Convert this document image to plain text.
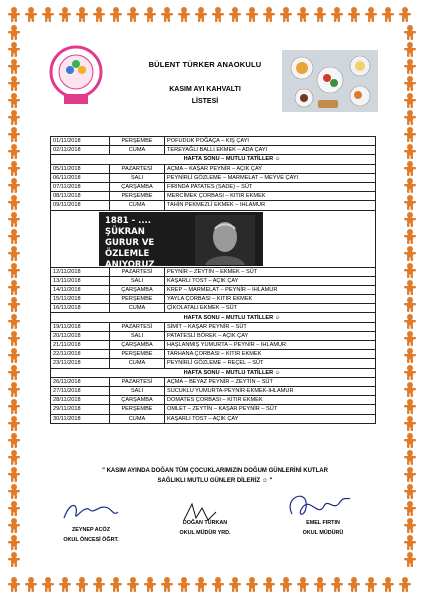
BÜLENT TÜRKER ANAOKULU
KASIM AYI KAHVALTI
LİSTESİ
01/11/2018	PERŞEMBE	POFUDUK POĞAÇA – KIŞ ÇAYI
02/11/2018	CUMA	TEREYAĞLI BALLI EKMEK – ADA ÇAYI
HAFTA SONU – MUTLU TATİLLER ☺		
05/11/2018	PAZARTESİ	AÇMA – KAŞAR PEYNİR – AÇIK ÇAY
06/11/2018	SALI	PEYNİRLİ GÖZLEME – MARMELAT – MEYVE ÇAYI
07/11/2018	ÇARŞAMBA	FIRINDA PATATES (SADE) – SÜT
08/11/2018	PERŞEMBE	MERCİMEK ÇORBASI – KITIR EKMEK
09/11/2018	CUMA	TAHİN PEKMEZLİ EKMEK – IHLAMUR

1881 - ....
ŞÜKRAN
GURUR VE
ÖZLEMLE
ANIYORUZ		

12/11/2018	PAZARTESİ	PEYNİR – ZEYTİN – EKMEK – SÜT
13/11/2018	SALI	KAŞARLI TOST – AÇIK ÇAY
14/11/2018	ÇARŞAMBA	KREP – MARMELAT – PEYNİR – IHLAMUR
15/11/2018	PERŞEMBE	YAYLA ÇORBASI – KITIR EKMEK
16/11/2018	CUMA	ÇİKOLATALI EKMEK – SÜT
HAFTA SONU – MUTLU TATİLLER ☺		
19/11/2018	PAZARTESİ	SİMİT – KAŞAR PEYNİR – SÜT
20/11/2018	SALI	PATATESLİ BÖREK – AÇIK ÇAY
21/11/2018	ÇARŞAMBA	HAŞLANMIŞ YUMURTA – PEYNİR – IHLAMUR
22/11/2018	PERŞEMBE	TARHANA ÇORBASI – KITIR EKMEK
23/11/2018	CUMA	PEYNİRLİ GÖZLEME – REÇEL – SÜT
HAFTA SONU – MUTLU TATİLLER ☺		
26/11/2018	PAZARTESİ	AÇMA – BEYAZ PEYNİR – ZEYTİN – SÜT
27/11/2018	SALI	SUCUKLU YUMURTA-PEYNİR-EKMEK-IHLAMUR
28/11/2018	ÇARŞAMBA	DOMATES ÇORBASI – KITIR EKMEK
29/11/2018	PERŞEMBE	OMLET – ZEYTİN – KAŞAR PEYNİR – SÜT
30/11/2018	CUMA	KAŞARLI TOST – AÇIK ÇAY
" KASIM AYINDA DOĞAN TÜM ÇOCUKLARIMIZIN DOĞUM GÜNLERİNİ KUTLAR
SAĞLIKLI MUTLU GÜNLER DİLERİZ ☺ "
ZEYNEP ACÖZ
OKUL ÖNCESİ ÖĞRT.
DOĞAN TÜRKAN
OKUL MÜDÜR YRD.
EMEL FIRTIN
OKUL MÜDÜRÜ
